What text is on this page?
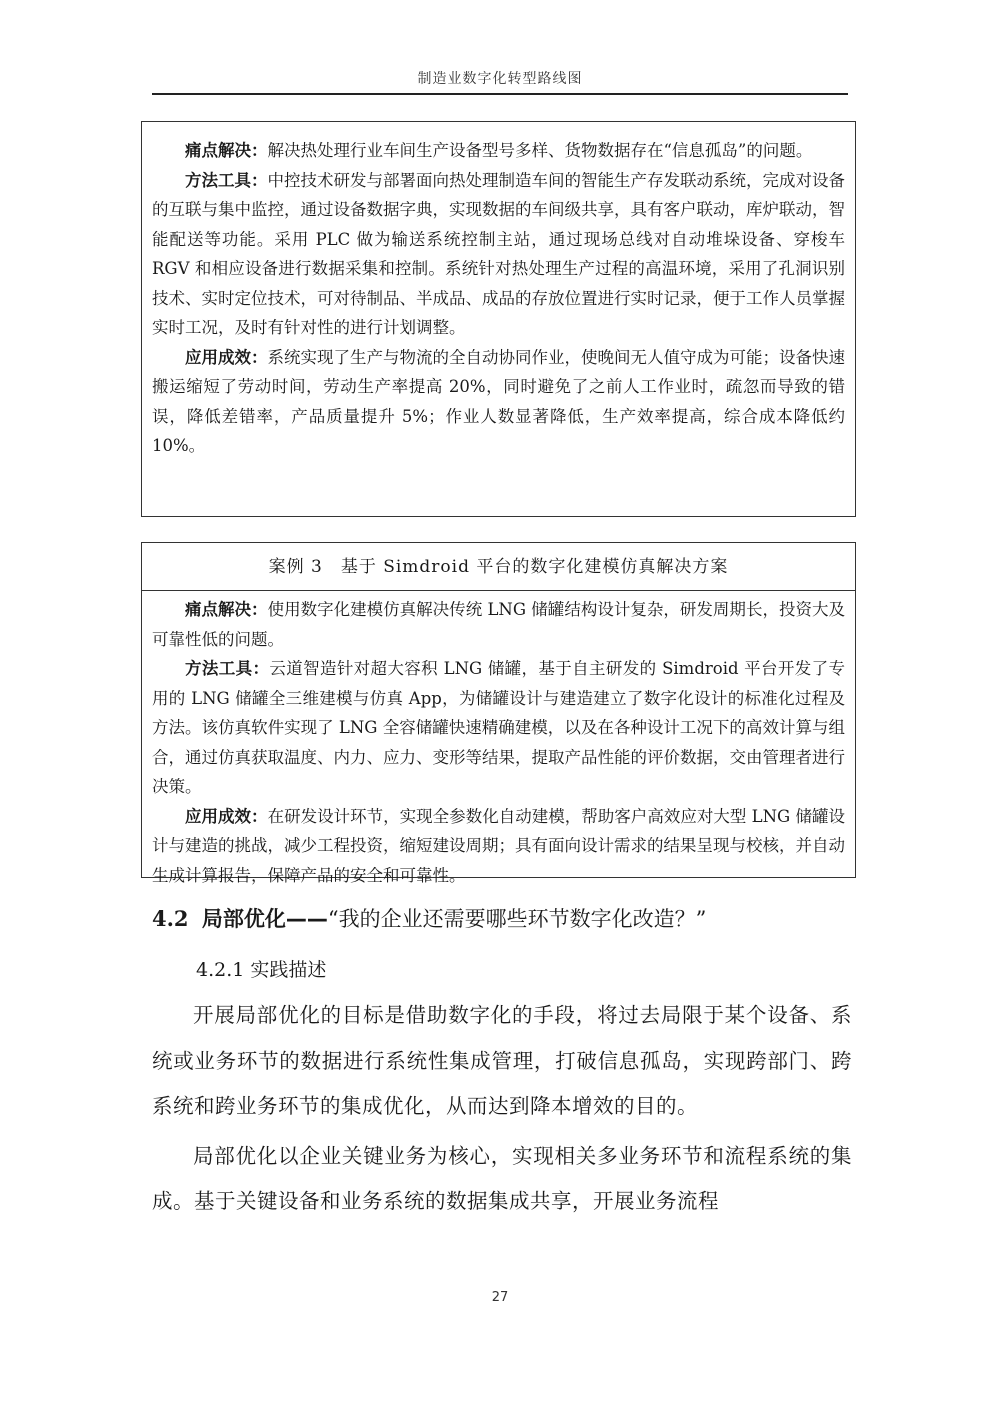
制造业数字化转型路线图

痛点解决：解决热处理行业车间生产设备型号多样、货物数据存在“信息孤岛”的问题。

方法工具：中控技术研发与部署面向热处理制造车间的智能生产存发联动系统，完成对设备的互联与集中监控，通过设备数据字典，实现数据的车间级共享，具有客户联动，库炉联动，智能配送等功能。采用 PLC 做为输送系统控制主站，通过现场总线对自动堆垛设备、穿梭车 RGV 和相应设备进行数据采集和控制。系统针对热处理生产过程的高温环境，采用了孔洞识别技术、实时定位技术，可对待制品、半成品、成品的存放位置进行实时记录，便于工作人员掌握实时工况，及时有针对性的进行计划调整。

应用成效：系统实现了生产与物流的全自动协同作业，使晚间无人值守成为可能；设备快速搬运缩短了劳动时间，劳动生产率提高 20%，同时避免了之前人工作业时，疏忽而导致的错误，降低差错率，产品质量提升 5%；作业人数显著降低，生产效率提高，综合成本降低约 10%。

案例 3　基于 Simdroid 平台的数字化建模仿真解决方案

痛点解决：使用数字化建模仿真解决传统 LNG 储罐结构设计复杂，研发周期长，投资大及可靠性低的问题。

方法工具：云道智造针对超大容积 LNG 储罐，基于自主研发的 Simdroid 平台开发了专用的 LNG 储罐全三维建模与仿真 App，为储罐设计与建造建立了数字化设计的标准化过程及方法。该仿真软件实现了 LNG 全容储罐快速精确建模，以及在各种设计工况下的高效计算与组合，通过仿真获取温度、内力、应力、变形等结果，提取产品性能的评价数据，交由管理者进行决策。

应用成效：在研发设计环节，实现全参数化自动建模，帮助客户高效应对大型 LNG 储罐设计与建造的挑战，减少工程投资，缩短建设周期；具有面向设计需求的结果呈现与校核，并自动生成计算报告，保障产品的安全和可靠性。

4.2 局部优化——“我的企业还需要哪些环节数字化改造？”
4.2.1 实践描述

开展局部优化的目标是借助数字化的手段，将过去局限于某个设备、系统或业务环节的数据进行系统性集成管理，打破信息孤岛，实现跨部门、跨系统和跨业务环节的集成优化，从而达到降本增效的目的。

局部优化以企业关键业务为核心，实现相关多业务环节和流程系统的集成。基于关键设备和业务系统的数据集成共享，开展业务流程

27
